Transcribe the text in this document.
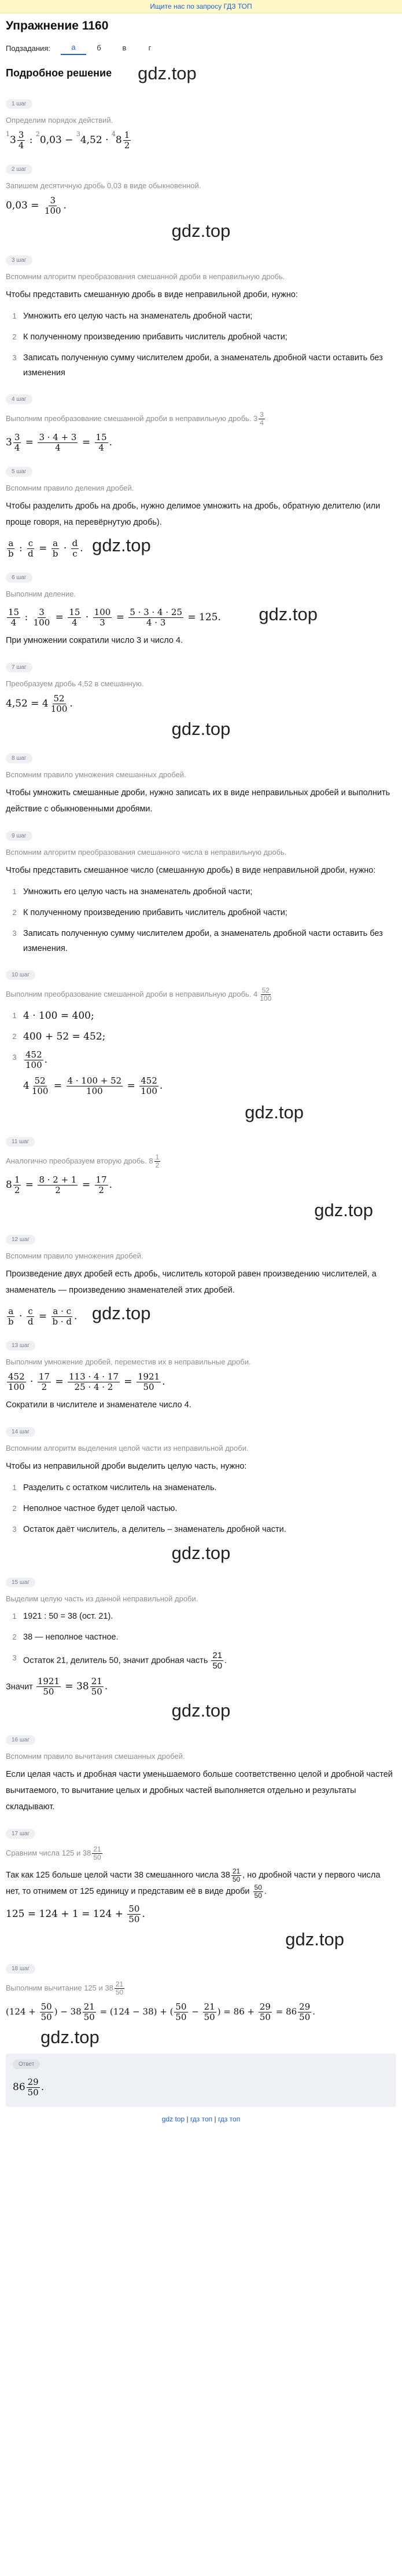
Ищите нас по запросу ГДЗ ТОП
Упражнение 1160
Подзадания:	а	б	в	г
Подробное решение gdz.top
1 шаг
Определим порядок действий.
$^13 \frac{3}{4}$ : $^20,03 - ^34,52 \cdot ^48 \frac{1}{2}$
2 шаг
Запишем десятичную дробь 0,03 в виде обыкновенной.
$0,03 = \frac{3}{100}$ .
gdz.top
3 шаг
Вспомним алгоритм преобразования смешанной дроби в неправильную дробь.
Чтобы представить смешанную дробь в виде неправильной дроби, нужно:
1 Умножить его целую часть на знаменатель дробной части;
2 К полученному произведению прибавить числитель дробной части;
3 Записать полученную сумму числителем дроби, а знаменатель дробной части оставить без изменения
4 шаг
Выполним преобразование смешанной дроби в неправильную дробь. $3 \frac{3}{4}$
$3 \frac{3}{4} = \frac{3 \cdot 4 + 3}{4} = \frac{15}{4}$ .
5 шаг
Вспомним правило деления дробей.
Чтобы разделить дробь на дробь, нужно делимое умножить на дробь, обратную делителю (или проще говоря, на перевёрнутую дробь).
$\frac{a}{b}$ : $\frac{c}{d} = \frac{a}{b} \cdot \frac{d}{c}$ . gdz.top
6 шаг
Выполним деление.
$\frac{15}{4}$ : $\frac{3}{100} = \frac{15}{4} \cdot \frac{100}{3} = \frac{5 \cdot 3 \cdot 4 \cdot 25}{4 \cdot 3} = 125$. gdz.top
При умножении сократили число 3 и число 4.
7 шаг
Преобразуем дробь 4,52 в смешанную.
$4,52 = 4 \frac{52}{100}$ .
gdz.top
8 шаг
Вспомним правило умножения смешанных дробей.
Чтобы умножить смешанные дроби, нужно записать их в виде неправильных дробей и выполнить действие с обыкновенными дробями.
9 шаг
Вспомним алгоритм преобразования смешанного числа в неправильную дробь.
Чтобы представить смешанное число (смешанную дробь) в виде неправильной дроби, нужно:
1 Умножить его целую часть на знаменатель дробной части;
2 К полученному произведению прибавить числитель дробной части;
3 Записать полученную сумму числителем дроби, а знаменатель дробной части оставить без изменения.
10 шаг
Выполним преобразование смешанной дроби в неправильную дробь. $4 \frac{52}{100}$
1 4 · 100 = 400;
2 400 + 52 = 452;
$3 \frac{452}{100}$ .
$4 \frac{52}{100} = \frac{4 \cdot 100 + 52}{100} = \frac{452}{100}$ .
gdz.top
11 шаг
Аналогично преобразуем вторую дробь. $8 \frac{1}{2}$
$8 \frac{1}{2} = \frac{8 \cdot 2 + 1}{2} = \frac{17}{2}$ .
gdz.top
12 шаг
Вспомним правило умножения дробей.
Произведение двух дробей есть дробь, числитель которой равен произведению числителей, а знаменатель — произведению знаменателей этих дробей.
$\frac{a}{b} \cdot \frac{c}{d} = \frac{a \cdot c}{b \cdot d}$ . gdz.top
13 шаг
Выполним умножение дробей, переместив их в неправильные дроби.
$\frac{452}{100} \cdot \frac{17}{2} = \frac{113 \cdot 4 \cdot 17}{25 \cdot 4 \cdot 2} = \frac{1921}{50}$ .
Сократили в числителе и знаменателе число 4.
14 шаг
Вспомним алгоритм выделения целой части из неправильной дроби.
Чтобы из неправильной дроби выделить целую часть, нужно:
1 Разделить с остатком числитель на знаменатель.
2 Неполное частное будет целой частью.
3 Остаток даёт числитель, а делитель – знаменатель дробной части.
gdz.top
15 шаг
Выделим целую часть из данной неправильной дроби.
1 1921 : 50 = 38 (ост. 21).
2 38 — неполное частное.
3 Остаток 21, делитель 50, значит дробная часть $\frac{21}{50}$ .
Значит $\frac{1921}{50} = 38 \frac{21}{50}$ .
gdz.top
16 шаг
Вспомним правило вычитания смешанных дробей.
Если целая часть и дробная части уменьшаемого больше соответственно целой и дробной частей вычитаемого, то вычитание целых и дробных частей выполняется отдельно и результаты складывают.
17 шаг
Сравним числа 125 и $38 \frac{21}{50}$
Так как 125 больше целой части 38 смешанного числа $38 \frac{21}{50}$ , но дробной части у первого числа нет, то отнимем от 125 единицу и представим её в виде дроби $\frac{50}{50}$ .
$125 = 124 + 1 = 124 + \frac{50}{50}$ .
gdz.top
18 шаг
Выполним вычитание 125 и $38 \frac{21}{50}$
($124 + \frac{50}{50}$ ) − $38 \frac{21}{50} = (124 - 38)$ + ( $\frac{50}{50} - \frac{21}{50}$ ) = $86 + \frac{29}{50} = 86 \frac{29}{50}$ .
gdz.top
Ответ
$86 \frac{29}{50}$ .
gdz top | гдз топ | гдз топ
